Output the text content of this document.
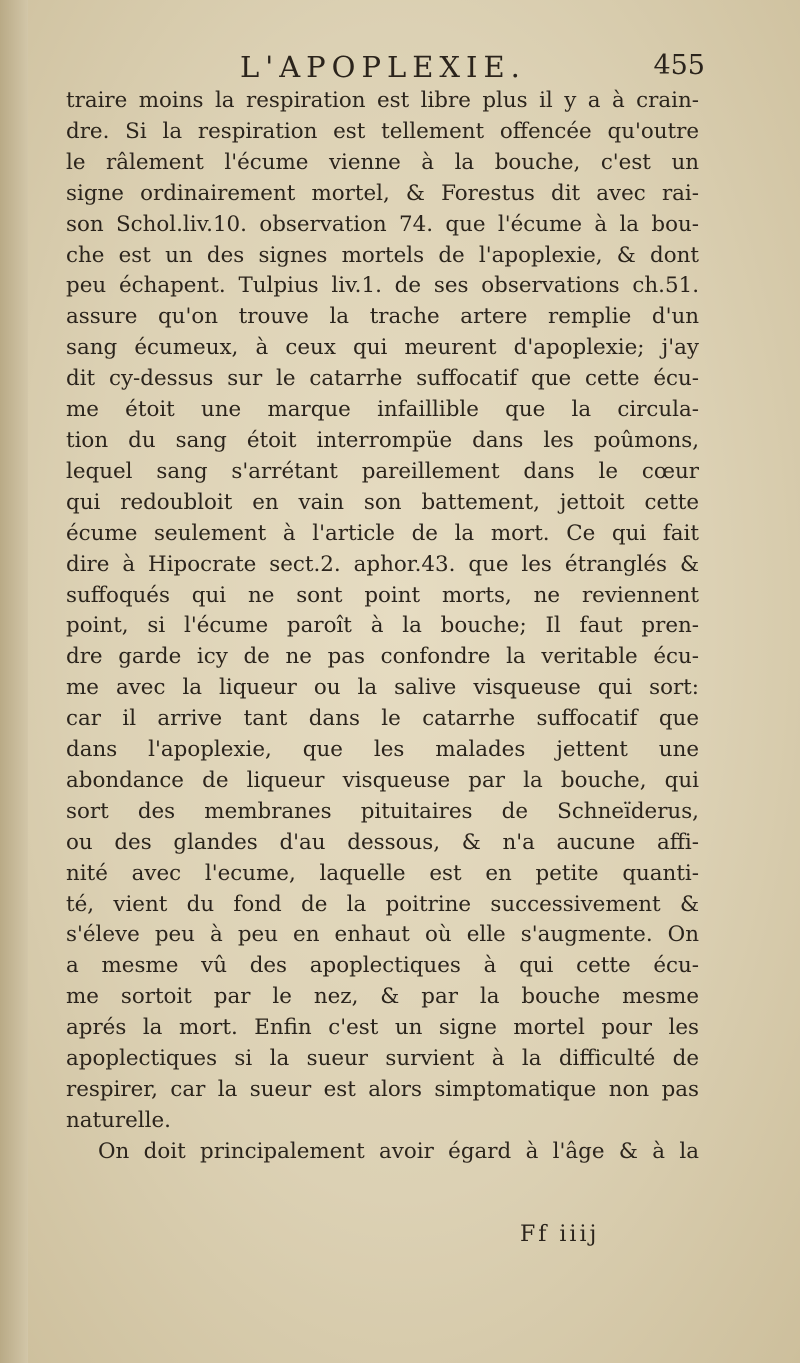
L'APOPLEXIE.	455
traire moins la respiration est libre plus il y a à crain-
dre. Si la respiration est tellement offencée qu'outre
le râlement l'écume vienne à la bouche, c'est un
signe ordinairement mortel, & Forestus dit avec rai-
son Schol.liv.10. observation 74. que l'écume à la bou-
che est un des signes mortels de l'apoplexie, & dont
peu échapent. Tulpius liv.1. de ses observations ch.51.
assure qu'on trouve la trache artere remplie d'un
sang écumeux, à ceux qui meurent d'apoplexie; j'ay
dit cy-dessus sur le catarrhe suffocatif que cette écu-
me étoit une marque infaillible que la circula-
tion du sang étoit interrompüe dans les poûmons,
lequel sang s'arrétant pareillement dans le cœur
qui redoubloit en vain son battement, jettoit cette
écume seulement à l'article de la mort. Ce qui fait
dire à Hipocrate sect.2. aphor.43. que les étranglés &
suffoqués qui ne sont point morts, ne reviennent
point, si l'écume paroît à la bouche; Il faut pren-
dre garde icy de ne pas confondre la veritable écu-
me avec la liqueur ou la salive visqueuse qui sort:
car il arrive tant dans le catarrhe suffocatif que
dans l'apoplexie, que les malades jettent une
abondance de liqueur visqueuse par la bouche, qui
sort des membranes pituitaires de Schneïderus,
ou des glandes d'au dessous, & n'a aucune affi-
nité avec l'ecume, laquelle est en petite quanti-
té, vient du fond de la poitrine successivement &
s'éleve peu à peu en enhaut où elle s'augmente. On
a mesme vû des apoplectiques à qui cette écu-
me sortoit par le nez, & par la bouche mesme
aprés la mort. Enfin c'est un signe mortel pour les
apoplectiques si la sueur survient à la difficulté de
respirer, car la sueur est alors simptomatique non pas
naturelle.
On doit principalement avoir égard à l'âge & à la
Ff iiij
